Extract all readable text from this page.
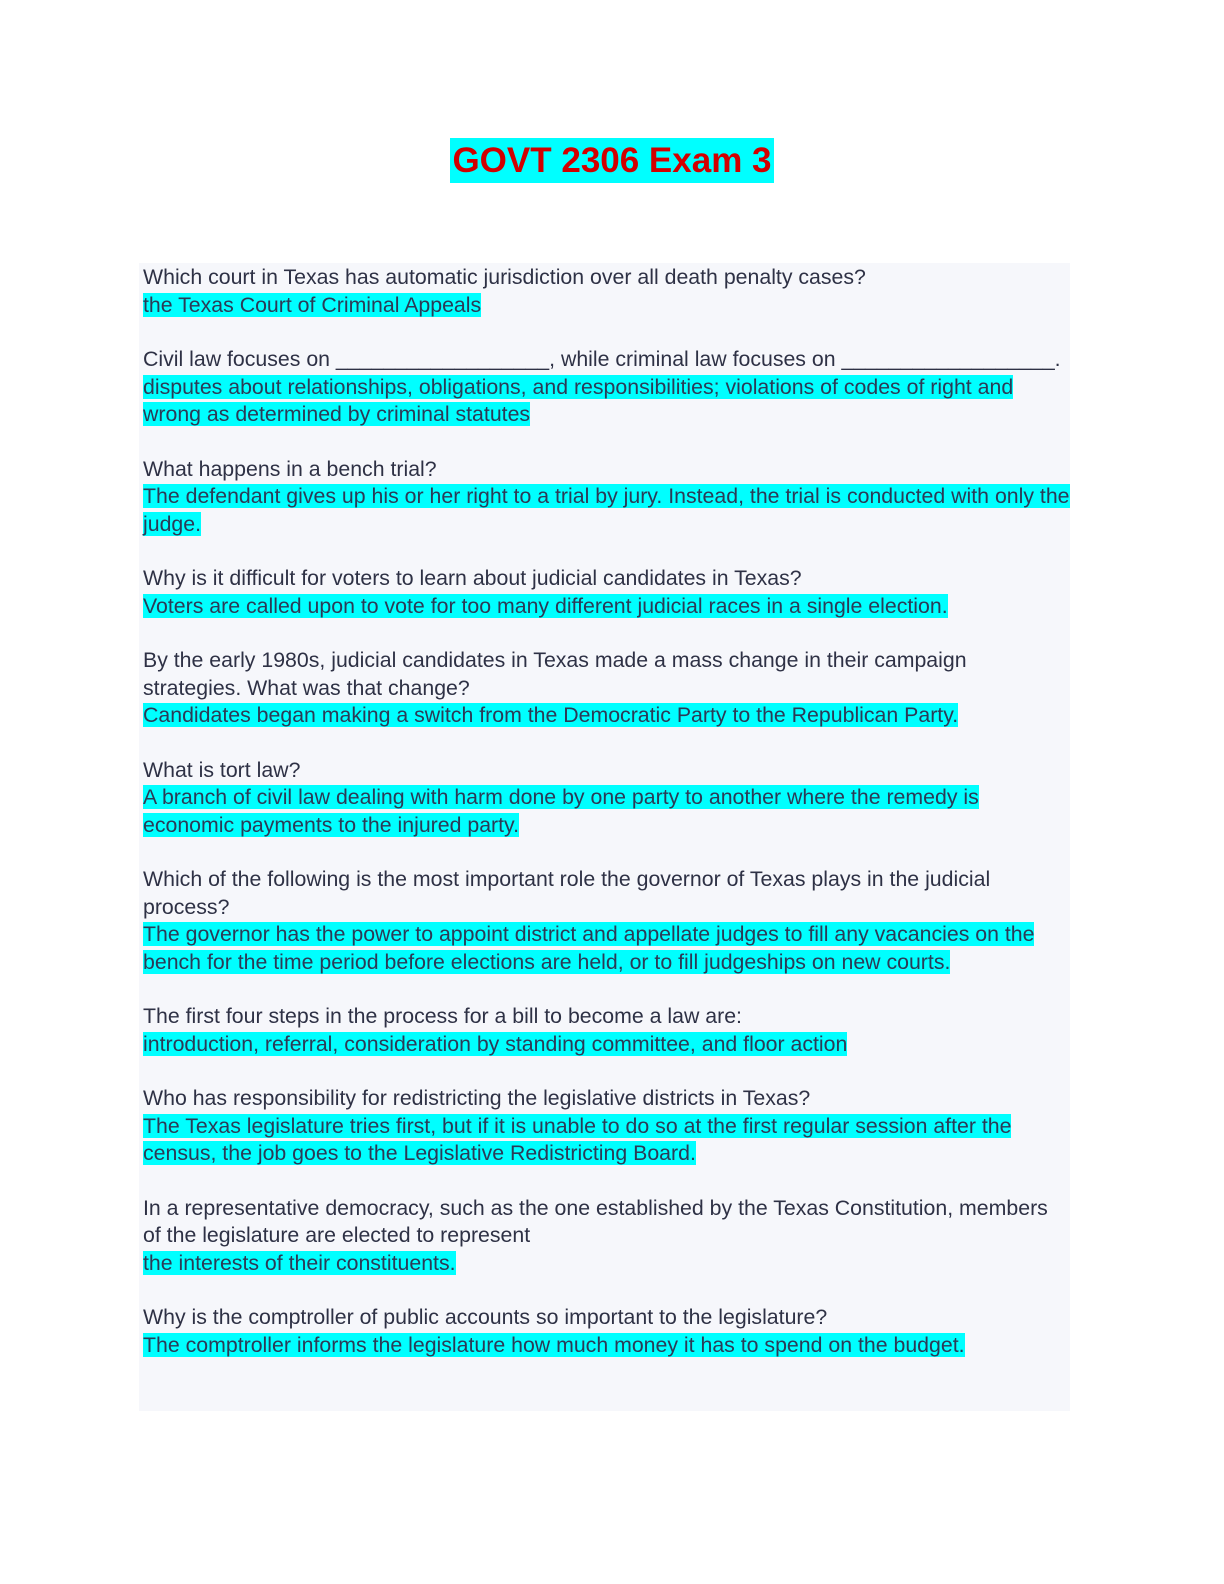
GOVT 2306 Exam 3

Which court in Texas has automatic jurisdiction over all death penalty cases?

the Texas Court of Criminal Appeals

Civil law focuses on __________________, while criminal law focuses on __________________.

disputes about relationships, obligations, and responsibilities; violations of codes of right and wrong as determined by criminal statutes

What happens in a bench trial?

The defendant gives up his or her right to a trial by jury. Instead, the trial is conducted with only the judge.

Why is it difficult for voters to learn about judicial candidates in Texas?

Voters are called upon to vote for too many different judicial races in a single election.

By the early 1980s, judicial candidates in Texas made a mass change in their campaign strategies. What was that change?

Candidates began making a switch from the Democratic Party to the Republican Party.

What is tort law?

A branch of civil law dealing with harm done by one party to another where the remedy is economic payments to the injured party.

Which of the following is the most important role the governor of Texas plays in the judicial process?

The governor has the power to appoint district and appellate judges to fill any vacancies on the bench for the time period before elections are held, or to fill judgeships on new courts.

The first four steps in the process for a bill to become a law are:

introduction, referral, consideration by standing committee, and floor action

Who has responsibility for redistricting the legislative districts in Texas?

The Texas legislature tries first, but if it is unable to do so at the first regular session after the census, the job goes to the Legislative Redistricting Board.

In a representative democracy, such as the one established by the Texas Constitution, members of the legislature are elected to represent

the interests of their constituents.

Why is the comptroller of public accounts so important to the legislature?

The comptroller informs the legislature how much money it has to spend on the budget.
